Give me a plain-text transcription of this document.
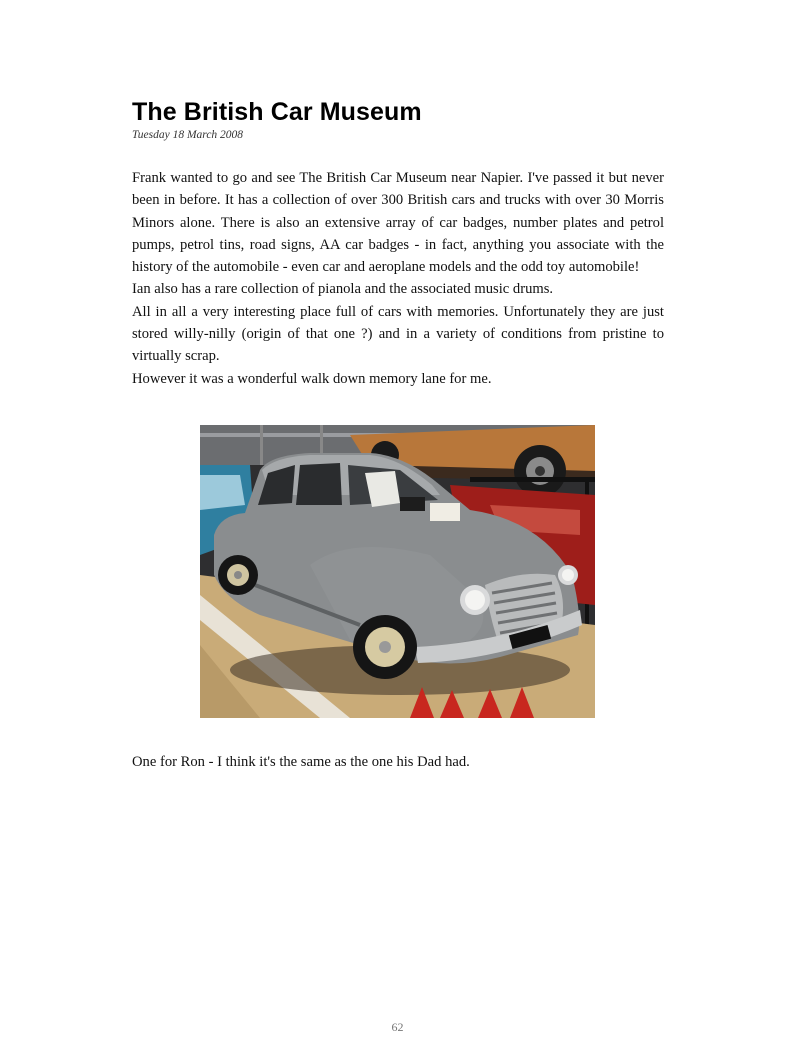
The British Car Museum
Tuesday 18 March 2008

Frank wanted to go and see The British Car Museum near Napier. I've passed it but never been in before. It has a collection of over 300 British cars and trucks with over 30 Morris Minors alone. There is also an extensive array of car badges, number plates and petrol pumps, petrol tins, road signs, AA car badges - in fact, anything you associate with the history of the automobile - even car and aeroplane models and the odd toy automobile!

Ian also has a rare collection of pianola and the associated music drums.

All in all a very interesting place full of cars with memories. Unfortunately they are just stored willy-nilly (origin of that one ?) and in a variety of conditions from pristine to virtually scrap.

However it was a wonderful walk down memory lane for me.

One for Ron - I think it's the same as the one his Dad had.
62
